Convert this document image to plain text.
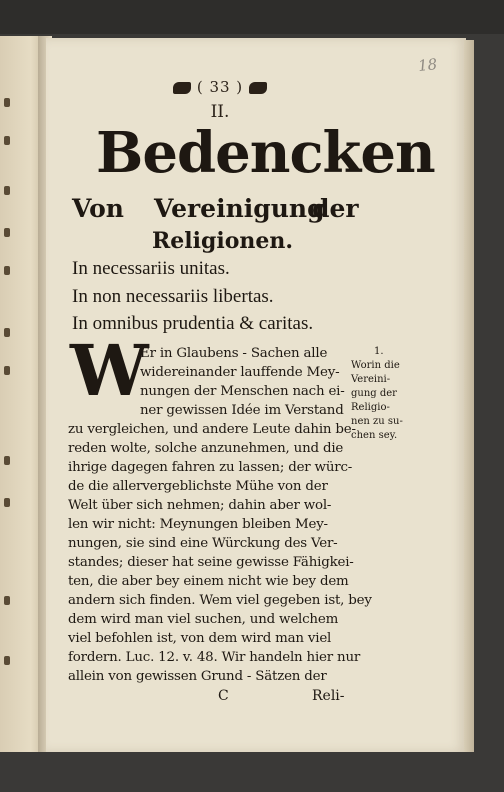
18
( 33 )
II.
Bedencken
Von Vereinigung
der
Religionen.
In necessariis unitas.
In non necessariis libertas.
In omnibus prudentia & caritas.
W
Er in Glaubens - Sachen alle
widereinander lauffende Mey-
nungen der Menschen nach ei-
ner gewissen Idée im Verstand
zu vergleichen, und andere Leute dahin be-
reden wolte, solche anzunehmen, und die
ihrige dagegen fahren zu lassen; der würc-
de die allervergeblichste Mühe von der
Welt über sich nehmen; dahin aber wol-
len wir nicht: Meynungen bleiben Mey-
nungen, sie sind eine Würckung des Ver-
standes; dieser hat seine gewisse Fähigkei-
ten, die aber bey einem nicht wie bey dem
andern sich finden. Wem viel gegeben ist, bey
dem wird man viel suchen, und welchem
viel befohlen ist, von dem wird man viel
fordern. Luc. 12. v. 48. Wir handeln hier nur
allein von gewissen Grund - Sätzen der
1.
Worin die
Vereini-
gung der
Religio-
nen zu su-
chen sey.
C	Reli-
